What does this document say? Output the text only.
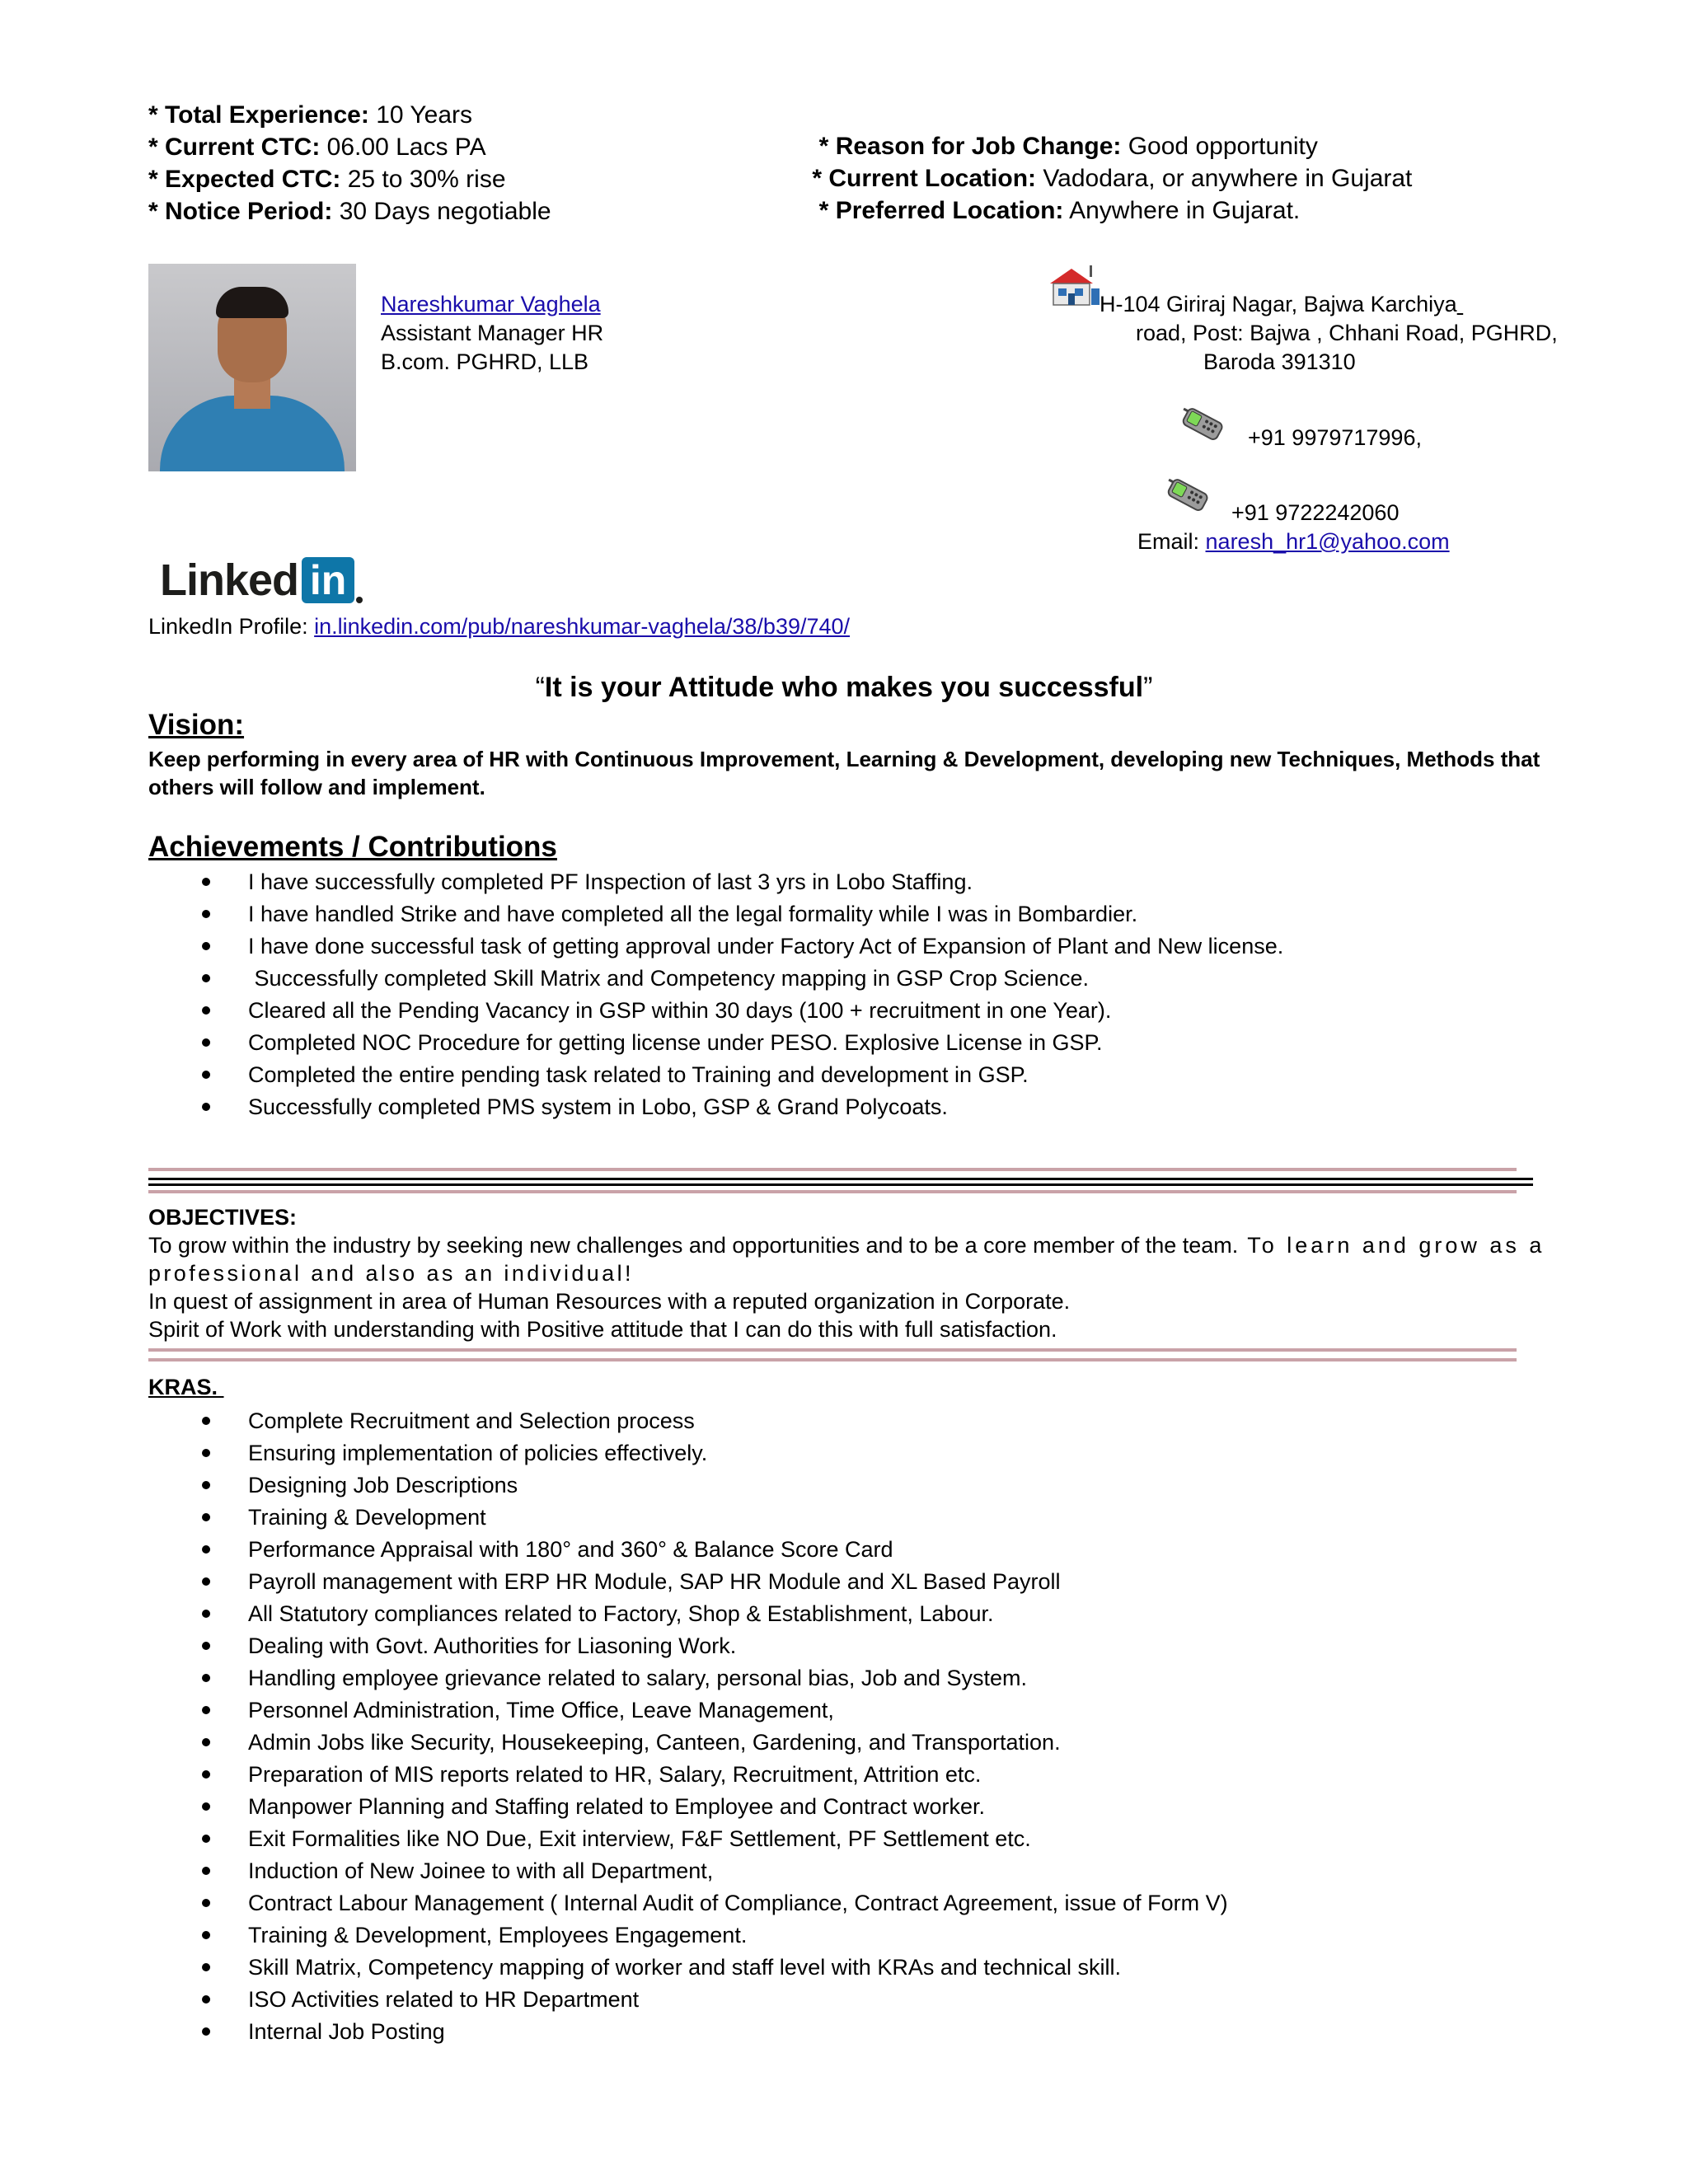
* Total Experience: 10 Years
* Current CTC: 06.00 Lacs PA
* Expected CTC: 25 to 30% rise
* Notice Period: 30 Days negotiable

* Reason for Job Change: Good opportunity

* Current Location: Vadodara, or anywhere in Gujarat

* Preferred Location: Anywhere in Gujarat.

Nareshkumar Vaghela
Assistant Manager HR
B.com. PGHRD, LLB
H-104 Giriraj Nagar, Bajwa Karchiya
road, Post: Bajwa , Chhani Road, PGHRD,
Baroda 391310
+91 9979717996,
+91 9722242060
Email: naresh_hr1@yahoo.com
Linked in
LinkedIn Profile: in.linkedin.com/pub/nareshkumar-vaghela/38/b39/740/
“It is your Attitude who makes you successful”
Vision:
Keep performing in every area of HR with Continuous Improvement, Learning & Development, developing new Techniques, Methods that
others will follow and implement.
Achievements / Contributions
I have successfully completed PF Inspection of last 3 yrs in Lobo Staffing.
I have handled Strike and have completed all the legal formality while I was in Bombardier.
I have done successful task of getting approval under Factory Act of Expansion of Plant and New license.
Successfully completed Skill Matrix and Competency mapping in GSP Crop Science.
Cleared all the Pending Vacancy in GSP within 30 days (100 + recruitment in one Year).
Completed NOC Procedure for getting license under PESO. Explosive License in GSP.
Completed the entire pending task related to Training and development in GSP.
Successfully completed PMS system in Lobo, GSP & Grand Polycoats.
OBJECTIVES:
To grow within the industry by seeking new challenges and opportunities and to be a core member of the team. To learn and grow as a
professional and also as an individual!
In quest of assignment in area of Human Resources with a reputed organization in Corporate.
Spirit of Work with understanding with Positive attitude that I can do this with full satisfaction.
KRAS.
Complete Recruitment and Selection process
Ensuring implementation of policies effectively.
Designing Job Descriptions
Training & Development
Performance Appraisal with 180° and 360° & Balance Score Card
Payroll management with ERP HR Module, SAP HR Module and XL Based Payroll
All Statutory compliances related to Factory, Shop & Establishment, Labour.
Dealing with Govt. Authorities for Liasoning Work.
Handling employee grievance related to salary, personal bias, Job and System.
Personnel Administration, Time Office, Leave Management,
Admin Jobs like Security, Housekeeping, Canteen, Gardening, and Transportation.
Preparation of MIS reports related to HR, Salary, Recruitment, Attrition etc.
Manpower Planning and Staffing related to Employee and Contract worker.
Exit Formalities like NO Due, Exit interview, F&F Settlement, PF Settlement etc.
Induction of New Joinee to with all Department,
Contract Labour Management ( Internal Audit of Compliance, Contract Agreement, issue of Form V)
Training & Development, Employees Engagement.
Skill Matrix, Competency mapping of worker and staff level with KRAs and technical skill.
ISO Activities related to HR Department
Internal Job Posting
